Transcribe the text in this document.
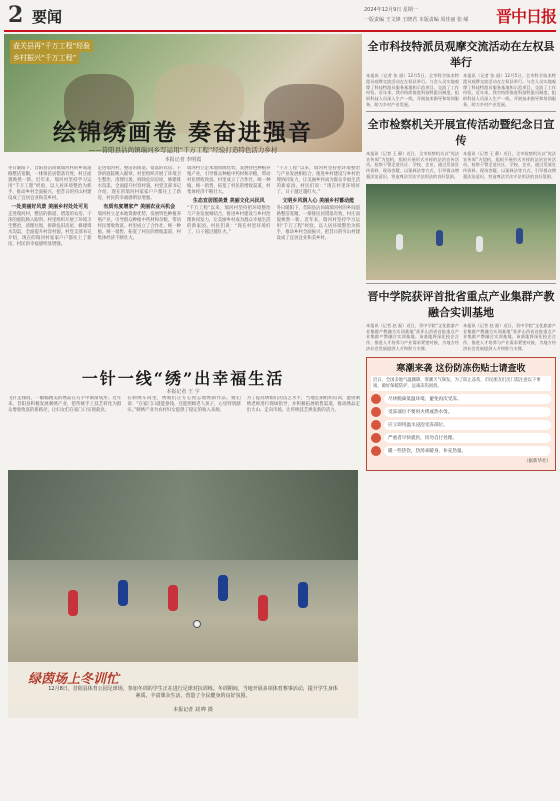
2 要闻	2024年12月9日 星期一
一版责编 王文锋 王晓君 本版责编 周佳丽 张 嵘 晋中日报
壶关县再“千万工程”经验
乡村振兴“千万工程”
绘锦绣画卷 奏奋进强音
——昔阳县沾尚镇瑞河乡写运用“千万工程”经验打造特色活力乡村
本报记者 李明霞
冬日暖阳下，昔阳县沾尚镇瑞河村的乡间道路整洁宽敞，一排排民居错落有致，村庄面貌焕然一新。近年来，瑞河村坚持学习运用“千万工程”经验，以人居环境整治为抓手，推动乡村全面振兴，把昔日的穷山村建设成了宜居宜业和美乡村。
一处美丽好风景 美丽乡村处处可见
走进瑞河村，整洁的街道、错落的农房、干净的庭院映入眼帘。村里组织开展了环境卫生整治，清理垃圾，拆除危旧房屋，修建排水沟渠，全面提升村容村貌。村党支部书记介绍，现在的瑞河村家家户户都住上了新房，村民的幸福感明显增强。
走进瑞河村，整洁的街道、错落的农房、干净的庭院映入眼帘。村里组织开展了环境卫生整治，清理垃圾，拆除危旧房屋，修建排水沟渠，全面提升村容村貌。村党支部书记介绍，现在的瑞河村家家户户都住上了新房，村民的幸福感明显增强。
有质有度增家产 美丽农业兴机会
瑞河村立足本地资源优势，发展特色种植养殖产业，引导群众种植中药材和杂粮，带动村民增收致富。村里成立了合作社，统一种植、统一销售，拓宽了村民的增收渠道，村集体经济不断壮大。
瑞河村立足本地资源优势，发展特色种植养殖产业，引导群众种植中药材和杂粮，带动村民增收致富。村里成立了合作社，统一种植、统一销售，拓宽了村民的增收渠道，村集体经济不断壮大。
生态宜居图美景 美丽文化兴民风
“千万工程”以来，瑞河村坚持把环境整治与产业发展相结合，推进乡村建设与乡村治理协同发力，让美丽乡村成为群众幸福生活的新家园。村民们说：“现在村里环境好了，日子越过越红火。”
“千万工程”以来，瑞河村坚持把环境整治与产业发展相结合，推进乡村建设与乡村治理协同发力，让美丽乡村成为群众幸福生活的新家园。村民们说：“现在村里环境好了，日子越过越红火。”
文明乡风润人心 美丽乡村蓄动能
冬日暖阳下，昔阳县沾尚镇瑞河村的乡间道路整洁宽敞，一排排民居错落有致，村庄面貌焕然一新。近年来，瑞河村坚持学习运用“千万工程”经验，以人居环境整治为抓手，推动乡村全面振兴，把昔日的穷山村建设成了宜居宜业和美乡村。
一针一线“绣”出幸福生活
本报记者 王 宇
飞针走线间，一幅幅精美的绣品在巧手中渐渐成形。近年来，昔阳县积极发展刺绣产业，把传统手工技艺转化为群众增收致富的新路径，让妇女们在家门口实现就业。
在刺绣车间里，绣娘们正专心致志地绣制作品。她们说：“在家门口就能挣钱，还能照顾老人孩子，心里特别踏实。”刺绣产业为农村妇女提供了稳定的收入来源。
为了提高绣娘们的技艺水平，当地定期组织培训，邀请刺绣老师进行现场指导，并积极拓展销售渠道，推动绣品走出大山、走向市场，让传统技艺焕发新的活力。
绿茵场上冬训忙
12月8日，昔阳县体育公园足球场，参加冬训的学生正在进行足球对抗训练。冬训期间，当地开展多项体育赛事活动，提升学生身体素质，丰富课余生活，营造了全民健身的良好氛围。
本报记者 刘 晔 摄
全市科技特派员观摩交流活动在左权县举行
本报讯（记者 张 丽）12月5日，全市科学技术特派员观摩交流活动在左权县举行。与会人员实地观摩了科技特派员服务基地和示范项目，交流了工作经验。近年来，我市持续推进科技特派员制度，组织科技人员深入生产一线，开展技术指导和培训服务，助力乡村产业发展。
本报讯（记者 张 丽）12月5日，全市科学技术特派员观摩交流活动在左权县举行。与会人员实地观摩了科技特派员服务基地和示范项目，交流了工作经验。近年来，我市持续推进科技特派员制度，组织科技人员深入生产一线，开展技术指导和培训服务，助力乡村产业发展。
全市检察机关开展宣传活动暨纪念日宣传
本报讯（记者 王 静）近日，全市检察机关以“宪法宣传周”为契机，组织开展形式多样的法治宣传活动。检察干警走进社区、学校、企业，通过发放宣传资料、现场答疑、以案释法等方式，引导群众增强法治意识，营造尊法学法守法用法的良好氛围。
本报讯（记者 王 静）近日，全市检察机关以“宪法宣传周”为契机，组织开展形式多样的法治宣传活动。检察干警走进社区、学校、企业，通过发放宣传资料、现场答疑、以案释法等方式，引导群众增强法治意识，营造尊法学法守法用法的良好氛围。
晋中学院获评首批省重点产业集群产教融合实训基地
本报讯（记者 赵 磊）近日，晋中学院“文化旅游产业集群产教融合实训基地”获评山西省首批重点产业集群产教融合实训基地。该基地将深化校企合作，推进人才培养与产业需求紧密对接，为地方经济社会发展提供人才和智力支撑。
本报讯（记者 赵 磊）近日，晋中学院“文化旅游产业集群产教融合实训基地”获评山西省首批重点产业集群产教融合实训基地。该基地将深化校企合作，推进人才培养与产业需求紧密对接，为地方经济社会发展提供人才和智力支撑。
寒潮来袭 这份防冻伤贴士请查收
近日，全国多地气温骤降，寒潮天气频发。为了防止冻伤，市民朋友们出门需注意以下事项，做好保暖防护，远离冻伤困扰。
尽快脱离低温环境，避免再次受冻。
受冻部位不要用火烤或热水烫。
应立即用温水浸泡受冻部位。
严重者尽快就医，切勿自行处理。
暖一些热饮，热汤来暖身，补充热量。
（据新华社）
